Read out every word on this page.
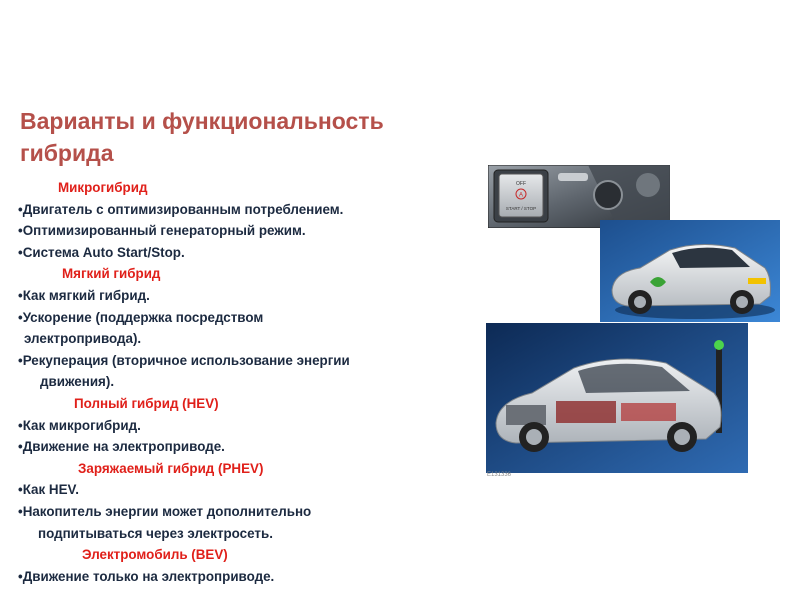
Варианты и функциональность гибрида
Микрогибрид
•Двигатель с оптимизированным потреблением.
•Оптимизированный генераторный режим.
•Система Auto Start/Stop.
Мягкий гибрид
•Как мягкий гибрид.
•Ускорение (поддержка посредством
электропривода).
•Рекуперация (вторичное использование энергии
движения).
Полный гибрид (HEV)
•Как микрогибрид.
•Движение на электроприводе.
Заряжаемый гибрид (PHEV)
•Как HEV.
•Накопитель энергии может дополнительно
подпитываться через электросеть.
Электромобиль (BEV)
•Движение только на электроприводе.
OFF
A
START / STOP
E131336
